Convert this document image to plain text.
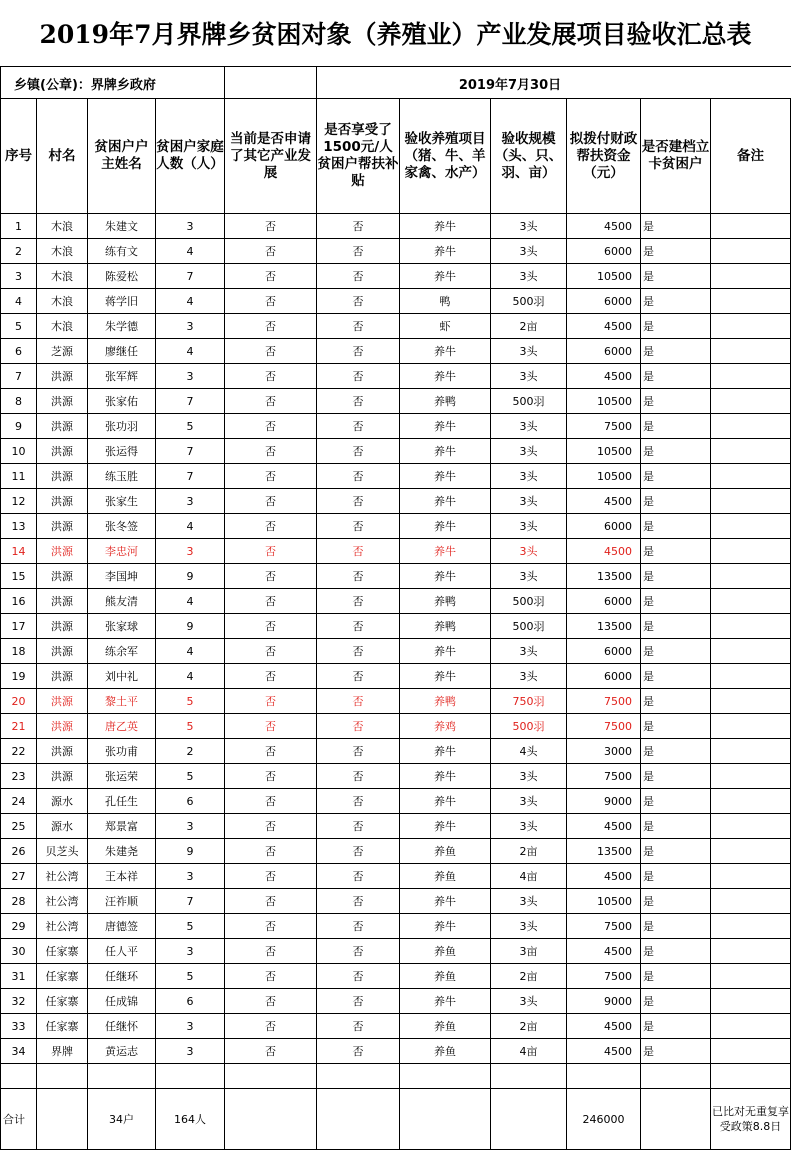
2019年7月界牌乡贫困对象（养殖业）产业发展项目验收汇总表
乡镇(公章)：界牌乡政府	2019年7月30日
序号	村名	贫困户户主姓名	贫困户家庭人数（人）	当前是否申请了其它产业发展	是否享受了1500元/人贫困户帮扶补贴	验收养殖项目（猪、牛、羊家禽、水产）	验收规模（头、只、羽、亩）	拟拨付财政帮扶资金（元）	是否建档立卡贫困户	备注
1	木浪	朱建文	3	否	否	养牛	3头	4500	是	
2	木浪	练有文	4	否	否	养牛	3头	6000	是	
3	木浪	陈爱松	7	否	否	养牛	3头	10500	是	
4	木浪	蒋学旧	4	否	否	鸭	500羽	6000	是	
5	木浪	朱学德	3	否	否	虾	2亩	4500	是	
6	芝源	廖继任	4	否	否	养牛	3头	6000	是	
7	洪源	张军辉	3	否	否	养牛	3头	4500	是	
8	洪源	张家佑	7	否	否	养鸭	500羽	10500	是	
9	洪源	张功羽	5	否	否	养牛	3头	7500	是	
10	洪源	张运得	7	否	否	养牛	3头	10500	是	
11	洪源	练玉胜	7	否	否	养牛	3头	10500	是	
12	洪源	张家生	3	否	否	养牛	3头	4500	是	
13	洪源	张冬签	4	否	否	养牛	3头	6000	是	
14	洪源	李忠河	3	否	否	养牛	3头	4500	是	
15	洪源	李国坤	9	否	否	养牛	3头	13500	是	
16	洪源	熊友清	4	否	否	养鸭	500羽	6000	是	
17	洪源	张家球	9	否	否	养鸭	500羽	13500	是	
18	洪源	练余军	4	否	否	养牛	3头	6000	是	
19	洪源	刘中礼	4	否	否	养牛	3头	6000	是	
20	洪源	黎土平	5	否	否	养鸭	750羽	7500	是	
21	洪源	唐乙英	5	否	否	养鸡	500羽	7500	是	
22	洪源	张功甫	2	否	否	养牛	4头	3000	是	
23	洪源	张运荣	5	否	否	养牛	3头	7500	是	
24	源水	孔任生	6	否	否	养牛	3头	9000	是	
25	源水	郑景富	3	否	否	养牛	3头	4500	是	
26	贝芝头	朱建尧	9	否	否	养鱼	2亩	13500	是	
27	社公湾	王本祥	3	否	否	养鱼	4亩	4500	是	
28	社公湾	汪祚顺	7	否	否	养牛	3头	10500	是	
29	社公湾	唐德签	5	否	否	养牛	3头	7500	是	
30	任家寨	任人平	3	否	否	养鱼	3亩	4500	是	
31	任家寨	任继环	5	否	否	养鱼	2亩	7500	是	
32	任家寨	任成锦	6	否	否	养牛	3头	9000	是	
33	任家寨	任继怀	3	否	否	养鱼	2亩	4500	是	
34	界牌	黄运志	3	否	否	养鱼	4亩	4500	是	

合计		34户	164人					246000		已比对无重复享受政策8.8日
